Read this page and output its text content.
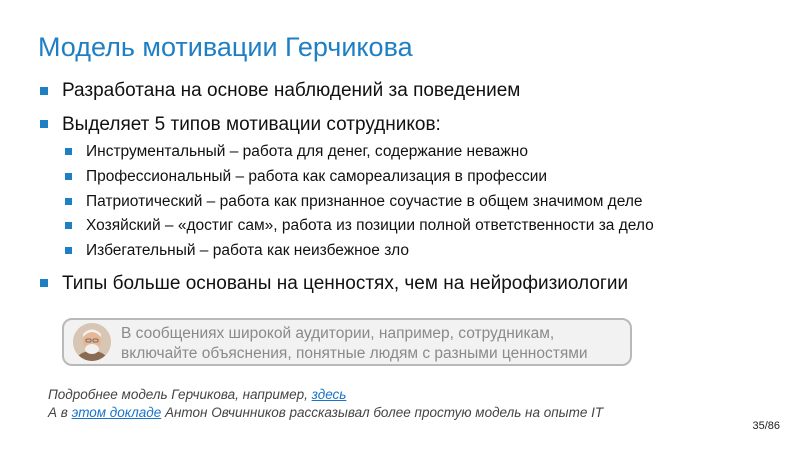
Модель мотивации Герчикова
Разработана на основе наблюдений за поведением
Выделяет 5 типов мотивации сотрудников:
Инструментальный – работа для денег, содержание неважно
Профессиональный – работа как самореализация в профессии
Патриотический – работа как признанное соучастие в общем значимом деле
Хозяйский – «достиг сам», работа из позиции полной ответственности за дело
Избегательный – работа как неизбежное зло
Типы больше основаны на ценностях, чем на нейрофизиологии
В сообщениях широкой аудитории, например, сотрудникам,
включайте объяснения, понятные людям с разными ценностями
Подробнее модель Герчикова, например, здесь
А в этом докладе Антон Овчинников рассказывал более простую модель на опыте IT
35/86
